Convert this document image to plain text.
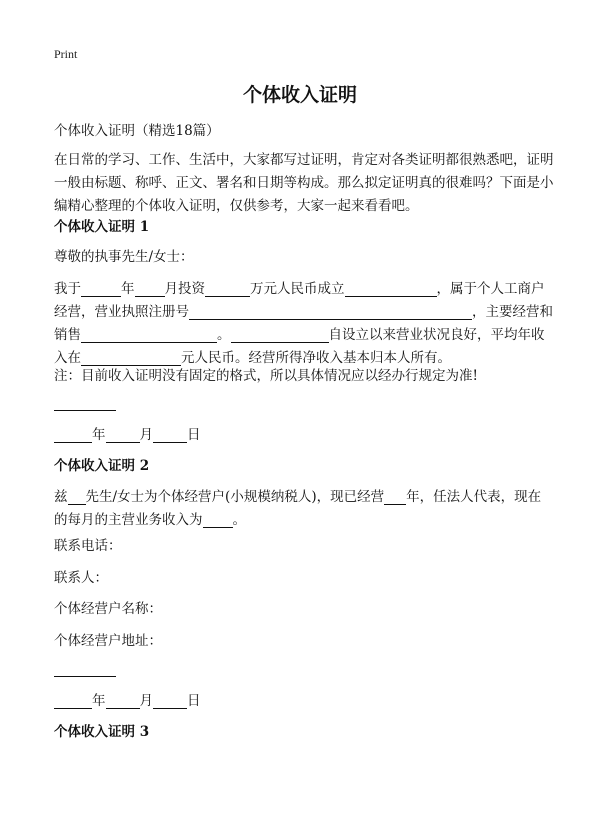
Print
个体收入证明

个体收入证明（精选18篇）

在日常的学习、工作、生活中，大家都写过证明，肯定对各类证明都很熟悉吧，证明一般由标题、称呼、正文、署名和日期等构成。那么拟定证明真的很难吗？下面是小编精心整理的个体收入证明，仅供参考，大家一起来看看吧。

个体收入证明 1

尊敬的执事先生/女士：

我于	年 月投资	万元人民币成立	，属于个人工商户经营，营业执照注册号	，主要经营和销售	。	自设立以来营业状况良好，平均年收入在	元人民币。经营所得净收入基本归本人所有。

注：目前收入证明没有固定的格式，所以具体情况应以经办行规定为准!

年	月	日

个体收入证明 2

兹 先生/女士为个体经营户(小规模纳税人)，现已经营 年，任法人代表，现在的每月的主营业务收入为 。

联系电话：

联系人：

个体经营户名称：

个体经营户地址：

年	月	日

个体收入证明 3
